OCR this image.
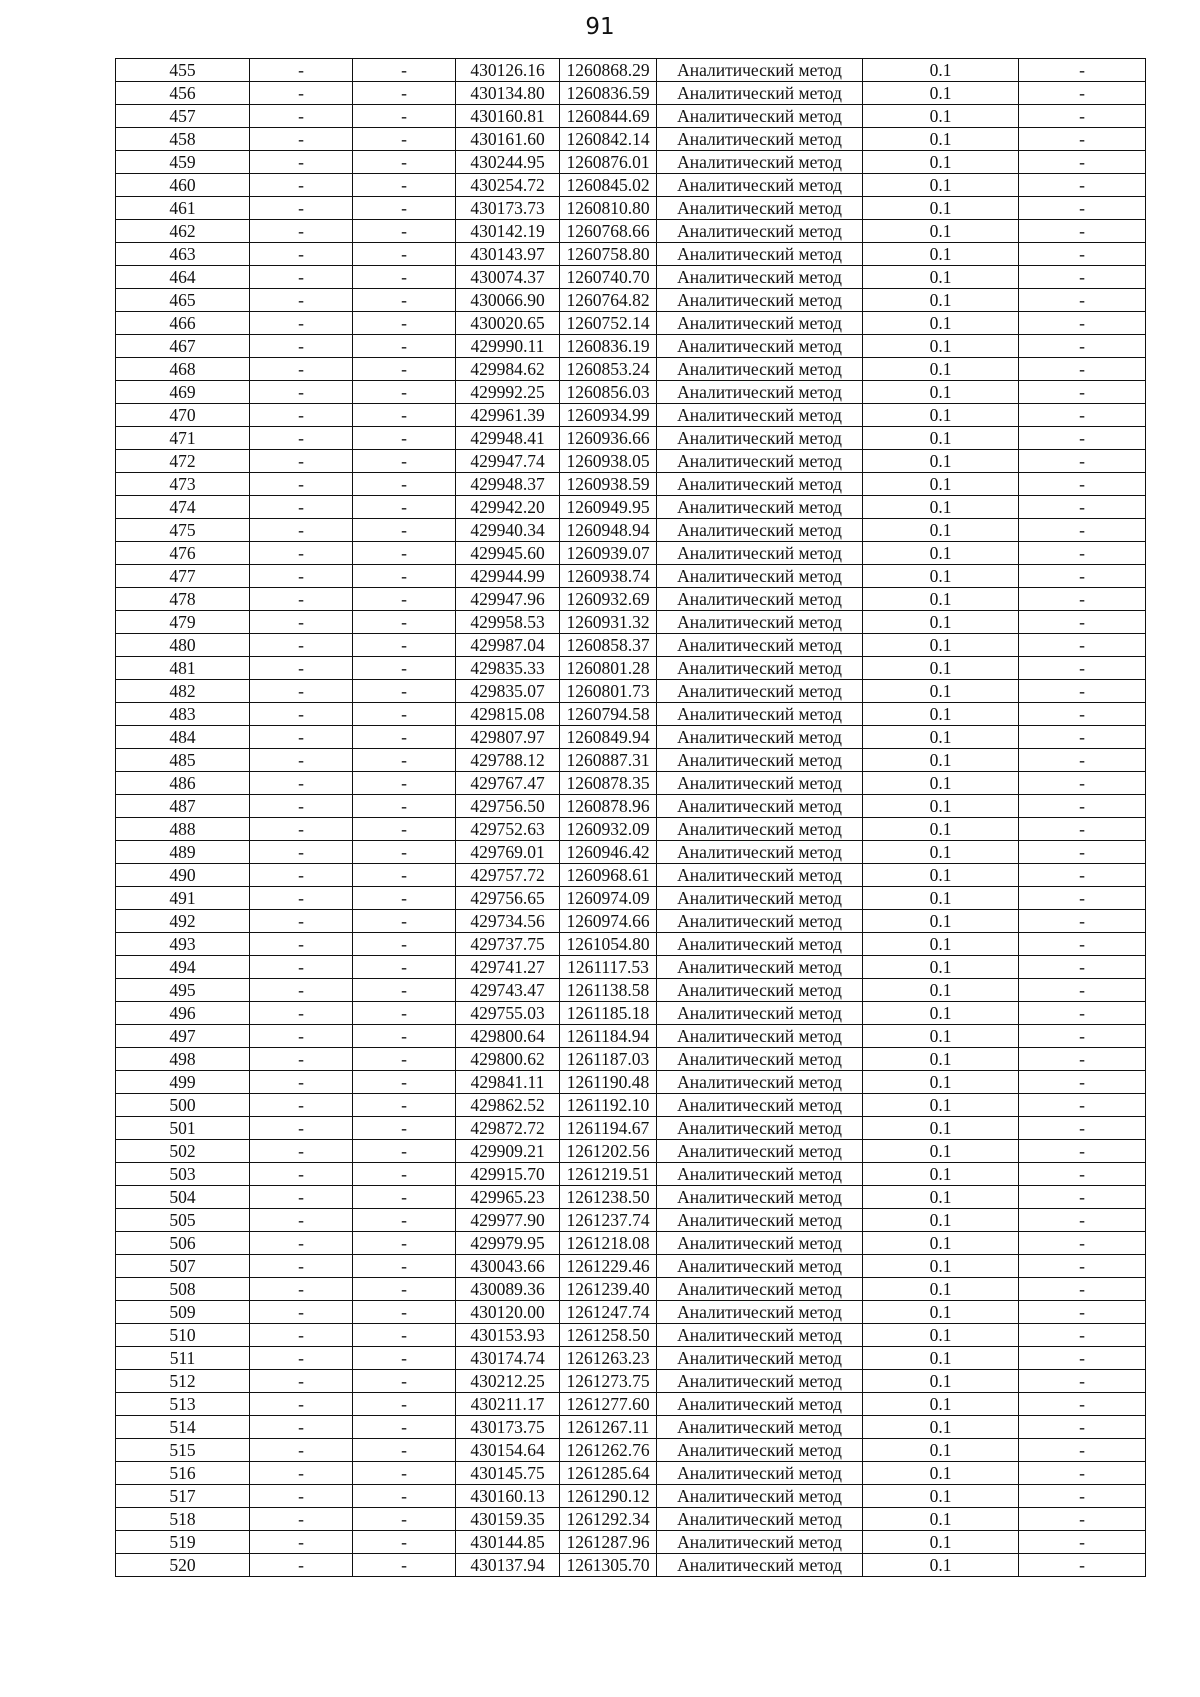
91
455	-	-	430126.16	1260868.29	Аналитический метод	0.1	-
456	-	-	430134.80	1260836.59	Аналитический метод	0.1	-
457	-	-	430160.81	1260844.69	Аналитический метод	0.1	-
458	-	-	430161.60	1260842.14	Аналитический метод	0.1	-
459	-	-	430244.95	1260876.01	Аналитический метод	0.1	-
460	-	-	430254.72	1260845.02	Аналитический метод	0.1	-
461	-	-	430173.73	1260810.80	Аналитический метод	0.1	-
462	-	-	430142.19	1260768.66	Аналитический метод	0.1	-
463	-	-	430143.97	1260758.80	Аналитический метод	0.1	-
464	-	-	430074.37	1260740.70	Аналитический метод	0.1	-
465	-	-	430066.90	1260764.82	Аналитический метод	0.1	-
466	-	-	430020.65	1260752.14	Аналитический метод	0.1	-
467	-	-	429990.11	1260836.19	Аналитический метод	0.1	-
468	-	-	429984.62	1260853.24	Аналитический метод	0.1	-
469	-	-	429992.25	1260856.03	Аналитический метод	0.1	-
470	-	-	429961.39	1260934.99	Аналитический метод	0.1	-
471	-	-	429948.41	1260936.66	Аналитический метод	0.1	-
472	-	-	429947.74	1260938.05	Аналитический метод	0.1	-
473	-	-	429948.37	1260938.59	Аналитический метод	0.1	-
474	-	-	429942.20	1260949.95	Аналитический метод	0.1	-
475	-	-	429940.34	1260948.94	Аналитический метод	0.1	-
476	-	-	429945.60	1260939.07	Аналитический метод	0.1	-
477	-	-	429944.99	1260938.74	Аналитический метод	0.1	-
478	-	-	429947.96	1260932.69	Аналитический метод	0.1	-
479	-	-	429958.53	1260931.32	Аналитический метод	0.1	-
480	-	-	429987.04	1260858.37	Аналитический метод	0.1	-
481	-	-	429835.33	1260801.28	Аналитический метод	0.1	-
482	-	-	429835.07	1260801.73	Аналитический метод	0.1	-
483	-	-	429815.08	1260794.58	Аналитический метод	0.1	-
484	-	-	429807.97	1260849.94	Аналитический метод	0.1	-
485	-	-	429788.12	1260887.31	Аналитический метод	0.1	-
486	-	-	429767.47	1260878.35	Аналитический метод	0.1	-
487	-	-	429756.50	1260878.96	Аналитический метод	0.1	-
488	-	-	429752.63	1260932.09	Аналитический метод	0.1	-
489	-	-	429769.01	1260946.42	Аналитический метод	0.1	-
490	-	-	429757.72	1260968.61	Аналитический метод	0.1	-
491	-	-	429756.65	1260974.09	Аналитический метод	0.1	-
492	-	-	429734.56	1260974.66	Аналитический метод	0.1	-
493	-	-	429737.75	1261054.80	Аналитический метод	0.1	-
494	-	-	429741.27	1261117.53	Аналитический метод	0.1	-
495	-	-	429743.47	1261138.58	Аналитический метод	0.1	-
496	-	-	429755.03	1261185.18	Аналитический метод	0.1	-
497	-	-	429800.64	1261184.94	Аналитический метод	0.1	-
498	-	-	429800.62	1261187.03	Аналитический метод	0.1	-
499	-	-	429841.11	1261190.48	Аналитический метод	0.1	-
500	-	-	429862.52	1261192.10	Аналитический метод	0.1	-
501	-	-	429872.72	1261194.67	Аналитический метод	0.1	-
502	-	-	429909.21	1261202.56	Аналитический метод	0.1	-
503	-	-	429915.70	1261219.51	Аналитический метод	0.1	-
504	-	-	429965.23	1261238.50	Аналитический метод	0.1	-
505	-	-	429977.90	1261237.74	Аналитический метод	0.1	-
506	-	-	429979.95	1261218.08	Аналитический метод	0.1	-
507	-	-	430043.66	1261229.46	Аналитический метод	0.1	-
508	-	-	430089.36	1261239.40	Аналитический метод	0.1	-
509	-	-	430120.00	1261247.74	Аналитический метод	0.1	-
510	-	-	430153.93	1261258.50	Аналитический метод	0.1	-
511	-	-	430174.74	1261263.23	Аналитический метод	0.1	-
512	-	-	430212.25	1261273.75	Аналитический метод	0.1	-
513	-	-	430211.17	1261277.60	Аналитический метод	0.1	-
514	-	-	430173.75	1261267.11	Аналитический метод	0.1	-
515	-	-	430154.64	1261262.76	Аналитический метод	0.1	-
516	-	-	430145.75	1261285.64	Аналитический метод	0.1	-
517	-	-	430160.13	1261290.12	Аналитический метод	0.1	-
518	-	-	430159.35	1261292.34	Аналитический метод	0.1	-
519	-	-	430144.85	1261287.96	Аналитический метод	0.1	-
520	-	-	430137.94	1261305.70	Аналитический метод	0.1	-
